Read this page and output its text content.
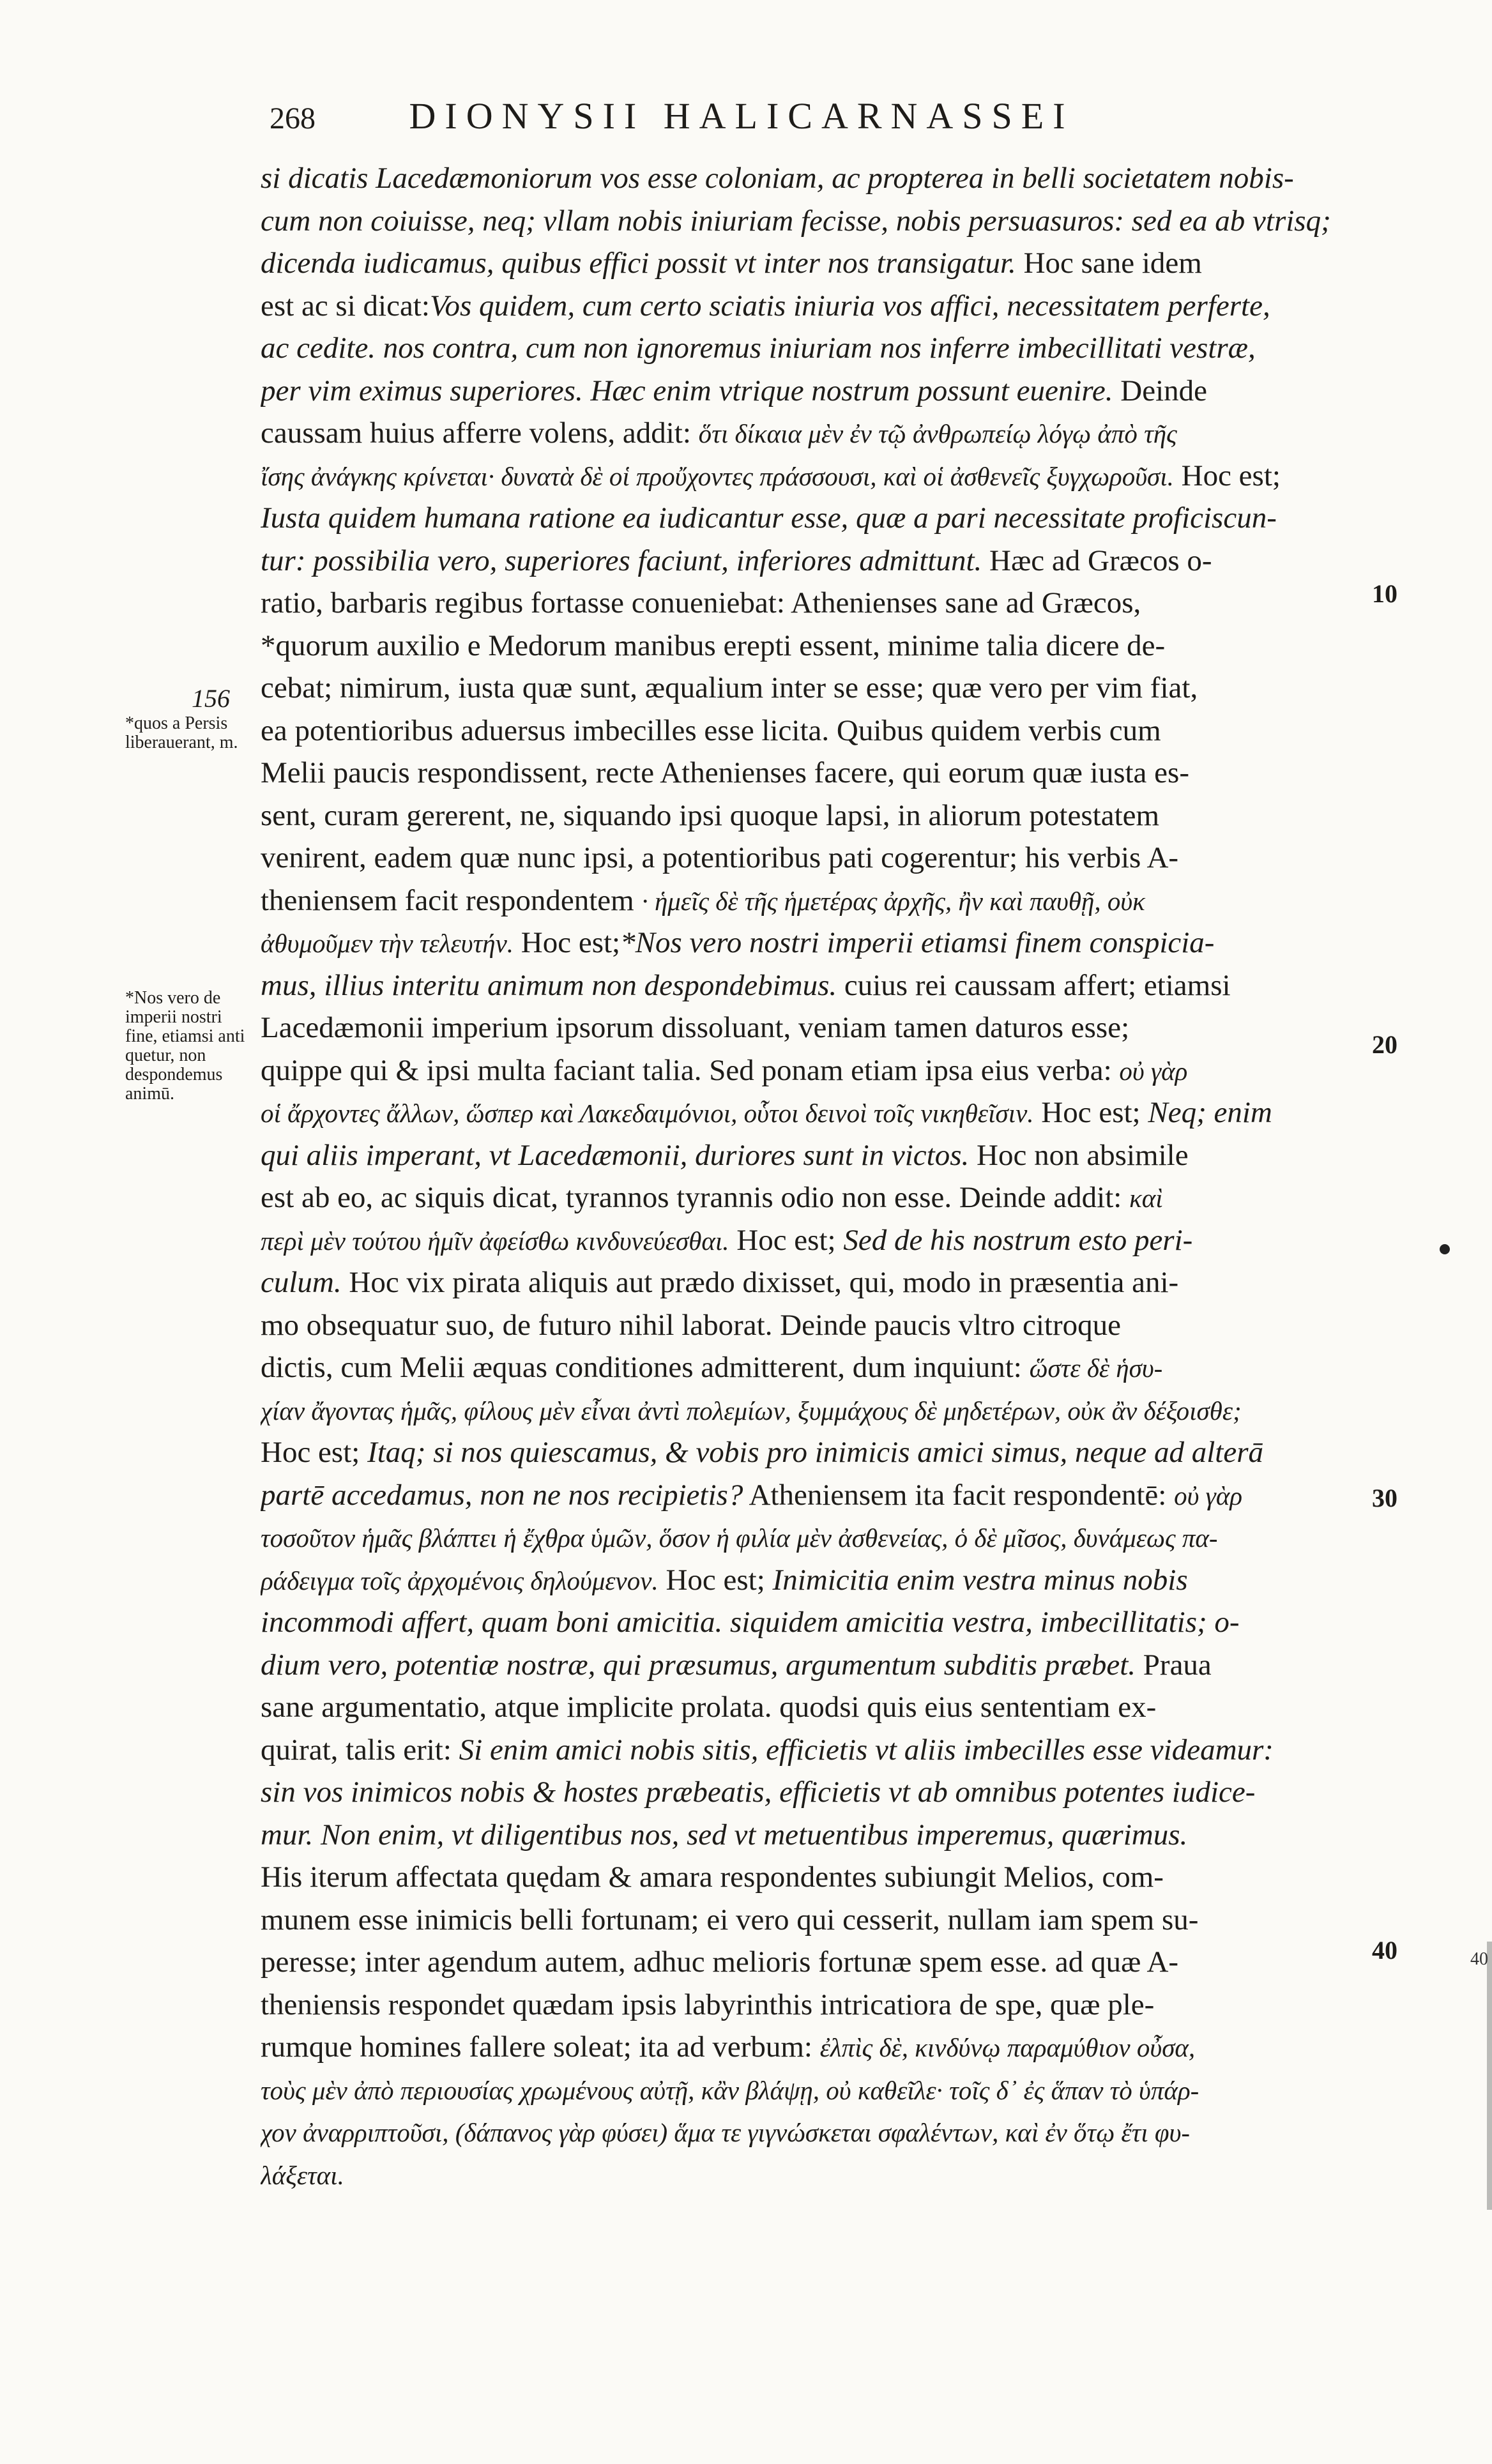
268	DIONYSII HALICARNASSEI
si dicatis Lacedæmoniorum vos esse coloniam, ac propterea in belli societatem nobis-
cum non coiuisse, neq; vllam nobis iniuriam fecisse, nobis persuasuros: sed ea ab vtrisq;
dicenda iudicamus, quibus effici possit vt inter nos transigatur. Hoc sane idem
est ac si dicat:Vos quidem, cum certo sciatis iniuria vos affici, necessitatem perferte,
ac cedite. nos contra, cum non ignoremus iniuriam nos inferre imbecillitati vestræ,
per vim eximus superiores. Hæc enim vtrique nostrum possunt euenire. Deinde
caussam huius afferre volens, addit: ὅτι δίκαια μὲν ἐν τῷ ἀνθρωπείῳ λόγῳ ἀπὸ τῆς
ἴσης ἀνάγκης κρίνεται· δυνατὰ δὲ οἱ προὔχοντες πράσσουσι, καὶ οἱ ἀσθενεῖς ξυγχωροῦσι. Hoc est;
Iusta quidem humana ratione ea iudicantur esse, quæ a pari necessitate proficiscun-
tur: possibilia vero, superiores faciunt, inferiores admittunt. Hæc ad Græcos o-
ratio, barbaris regibus fortasse conueniebat: Athenienses sane ad Græcos,
*quorum auxilio e Medorum manibus erepti essent, minime talia dicere de-
cebat; nimirum, iusta quæ sunt, æqualium inter se esse; quæ vero per vim fiat,
ea potentioribus aduersus imbecilles esse licita. Quibus quidem verbis cum
Melii paucis respondissent, recte Athenienses facere, qui eorum quæ iusta es-
sent, curam gererent, ne, siquando ipsi quoque lapsi, in aliorum potestatem
venirent, eadem quæ nunc ipsi, a potentioribus pati cogerentur; his verbis A-
theniensem facit respondentem · ἡμεῖς δὲ τῆς ἡμετέρας ἀρχῆς, ἢν καὶ παυθῇ, οὐκ
ἀθυμοῦμεν τὴν τελευτήν. Hoc est;*Nos vero nostri imperii etiamsi finem conspicia-
mus, illius interitu animum non despondebimus. cuius rei caussam affert; etiamsi
Lacedæmonii imperium ipsorum dissoluant, veniam tamen daturos esse;
quippe qui & ipsi multa faciant talia. Sed ponam etiam ipsa eius verba: οὐ γὰρ
οἱ ἄρχοντες ἄλλων, ὥσπερ καὶ Λακεδαιμόνιοι, οὗτοι δεινοὶ τοῖς νικηθεῖσιν. Hoc est; Neq; enim
qui aliis imperant, vt Lacedæmonii, duriores sunt in victos. Hoc non absimile
est ab eo, ac siquis dicat, tyrannos tyrannis odio non esse. Deinde addit: καὶ
περὶ μὲν τούτου ἡμῖν ἀφείσθω κινδυνεύεσθαι. Hoc est; Sed de his nostrum esto peri-
culum. Hoc vix pirata aliquis aut prædo dixisset, qui, modo in præsentia ani-
mo obsequatur suo, de futuro nihil laborat. Deinde paucis vltro citroque
dictis, cum Melii æquas conditiones admitterent, dum inquiunt: ὥστε δὲ ἡσυ-
χίαν ἄγοντας ἡμᾶς, φίλους μὲν εἶναι ἀντὶ πολεμίων, ξυμμάχους δὲ μηδετέρων, οὐκ ἂν δέξοισθε;
Hoc est; Itaq; si nos quiescamus, & vobis pro inimicis amici simus, neque ad alterā
partē accedamus, non ne nos recipietis? Atheniensem ita facit respondentē: οὐ γὰρ
τοσοῦτον ἡμᾶς βλάπτει ἡ ἔχθρα ὑμῶν, ὅσον ἡ φιλία μὲν ἀσθενείας, ὁ δὲ μῖσος, δυνάμεως πα-
ράδειγμα τοῖς ἀρχομένοις δηλούμενον. Hoc est; Inimicitia enim vestra minus nobis
incommodi affert, quam boni amicitia. siquidem amicitia vestra, imbecillitatis; o-
dium vero, potentiæ nostræ, qui præsumus, argumentum subditis præbet. Praua
sane argumentatio, atque implicite prolata. quodsi quis eius sententiam ex-
quirat, talis erit: Si enim amici nobis sitis, efficietis vt aliis imbecilles esse videamur:
sin vos inimicos nobis & hostes præbeatis, efficietis vt ab omnibus potentes iudice-
mur. Non enim, vt diligentibus nos, sed vt metuentibus imperemus, quærimus.
His iterum affectata quędam & amara respondentes subiungit Melios, com-
munem esse inimicis belli fortunam; ei vero qui cesserit, nullam iam spem su-
peresse; inter agendum autem, adhuc melioris fortunæ spem esse. ad quæ A-
theniensis respondet quædam ipsis labyrinthis intricatiora de spe, quæ ple-
rumque homines fallere soleat; ita ad verbum: ἐλπὶς δὲ, κινδύνῳ παραμύθιον οὖσα,
τοὺς μὲν ἀπὸ περιουσίας χρωμένους αὐτῇ, κἂν βλάψῃ, οὐ καθεῖλε· τοῖς δ᾽ ἐς ἅπαν τὸ ὑπάρ-
χον ἀναρριπτοῦσι, (δάπανος γὰρ φύσει) ἅμα τε γιγνώσκεται σφαλέντων, καὶ ἐν ὅτῳ ἔτι φυ-
λάξεται.
156
*quos a Persis liberauerant, m.
*Nos vero de imperii nostri fine, etiamsi anti quetur, non despondemus animū.
10
20
30
40	40
